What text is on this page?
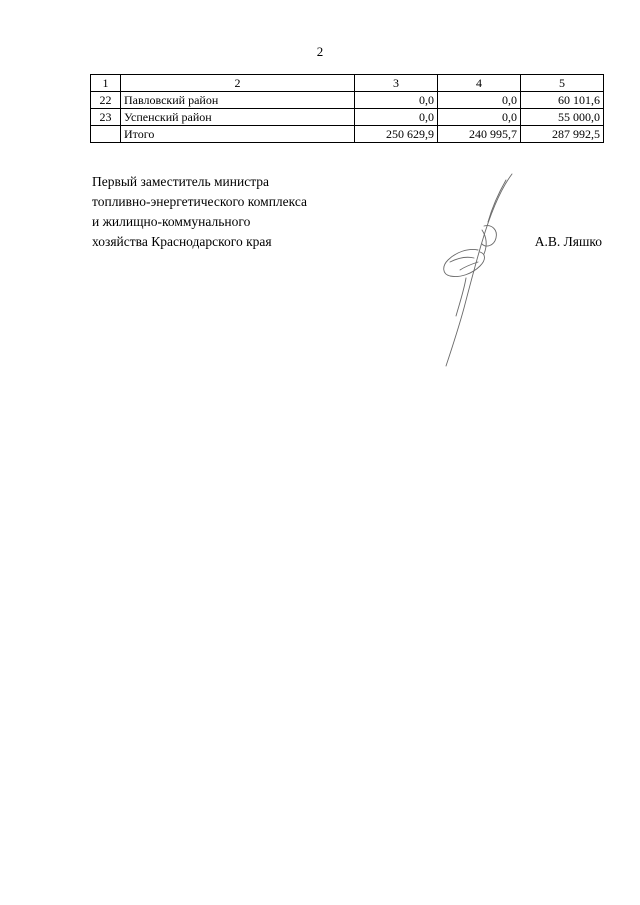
2
1	2	3	4	5
22	Павловский район	0,0	0,0	60 101,6
23	Успенский район	0,0	0,0	55 000,0
	Итого	250 629,9	240 995,7	287 992,5
Первый заместитель министра
топливно-энергетического комплекса
и жилищно-коммунального
хозяйства Краснодарского края	А.В. Ляшко
